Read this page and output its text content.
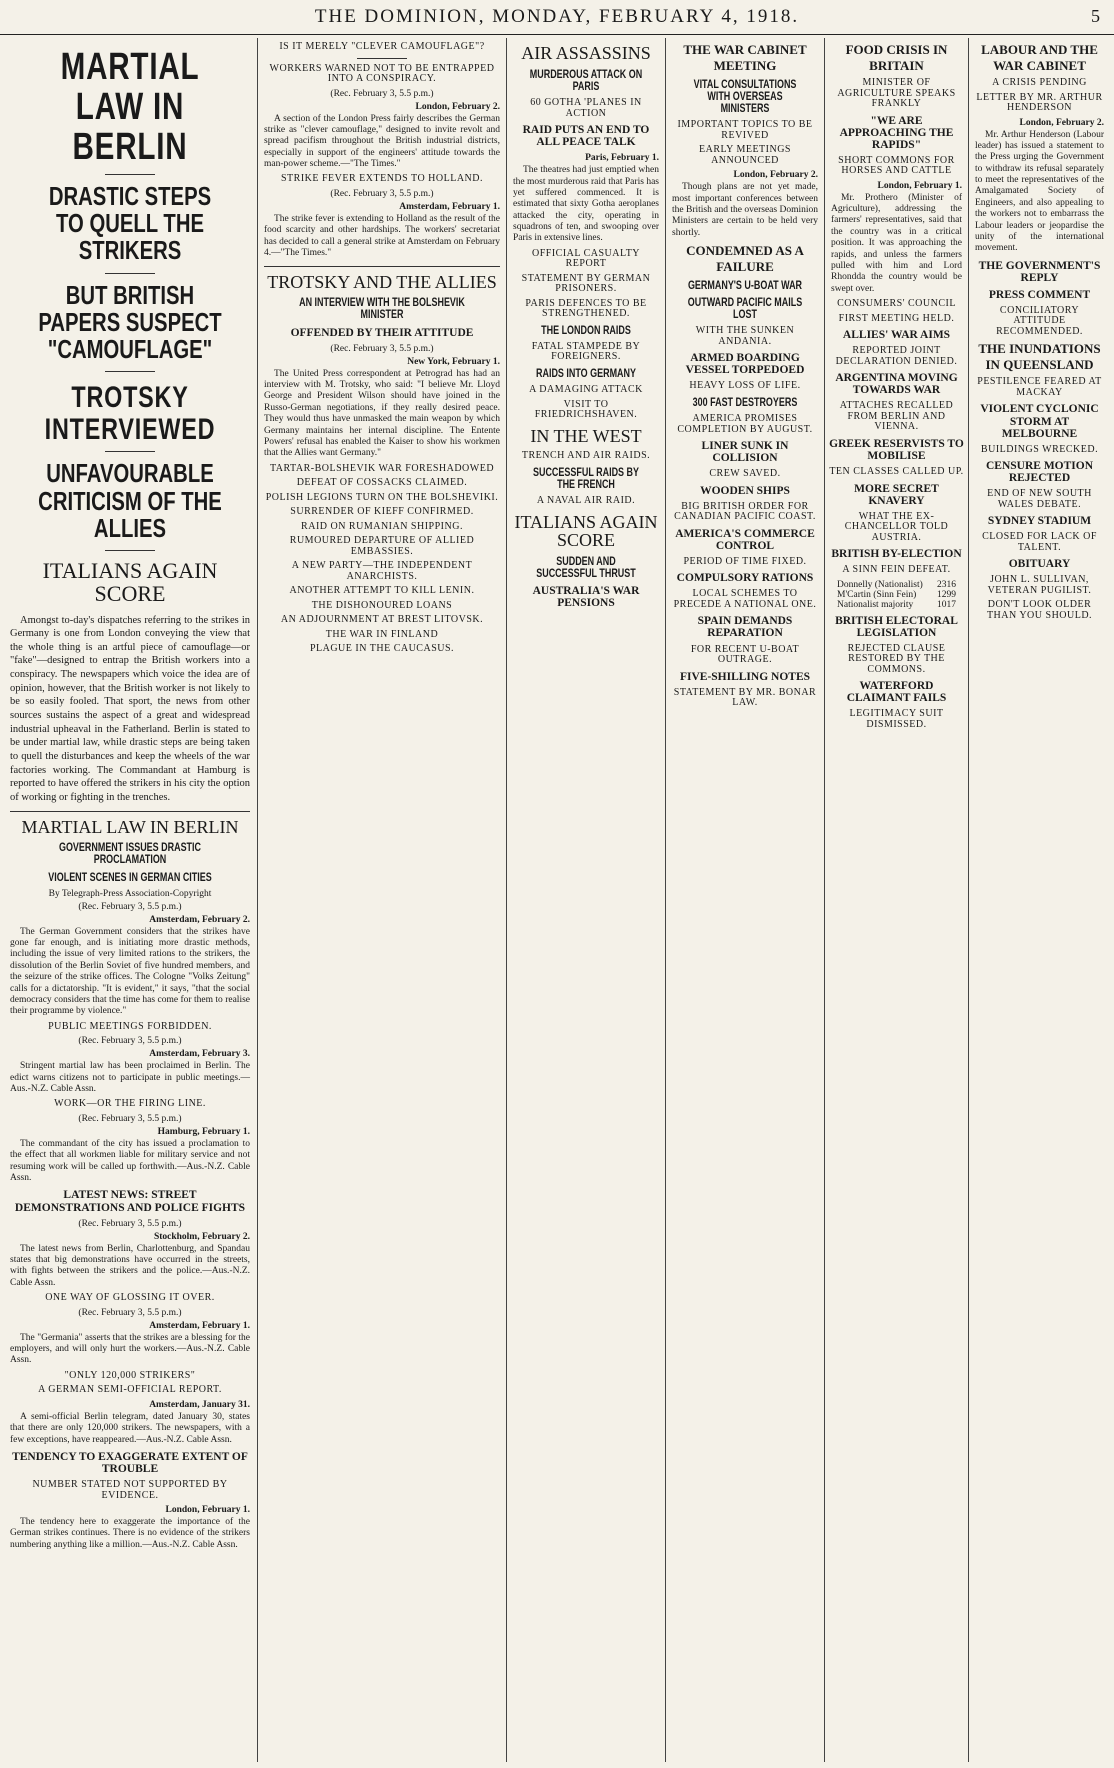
THE DOMINION, MONDAY, FEBRUARY 4, 1918.	5
MARTIAL LAW IN BERLIN
DRASTIC STEPS TO QUELL THE STRIKERS
BUT BRITISH PAPERS SUSPECT "CAMOUFLAGE"
TROTSKY INTERVIEWED
UNFAVOURABLE CRITICISM OF THE ALLIES
ITALIANS AGAIN SCORE
Amongst to-day's dispatches referring to the strikes in Germany is one from London conveying the view that the whole thing is an artful piece of camouflage—or "fake"—designed to entrap the British workers into a conspiracy. The newspapers which voice the idea are of opinion, however, that the British worker is not likely to be so easily fooled. That sport, the news from other sources sustains the aspect of a great and widespread industrial upheaval in the Fatherland. Berlin is stated to be under martial law, while drastic steps are being taken to quell the disturbances and keep the wheels of the war factories working. The Commandant at Hamburg is reported to have offered the strikers in his city the option of working or fighting in the trenches.
MARTIAL LAW IN BERLIN
GOVERNMENT ISSUES DRASTIC PROCLAMATION
VIOLENT SCENES IN GERMAN CITIES
By Telegraph-Press Association-Copyright
(Rec. February 3, 5.5 p.m.)
Amsterdam, February 2.
The German Government considers that the strikes have gone far enough, and is initiating more drastic methods, including the issue of very limited rations to the strikers, the dissolution of the Berlin Soviet of five hundred members, and the seizure of the strike offices. The Cologne "Volks Zeitung" calls for a dictatorship. "It is evident," it says, "that the social democracy considers that the time has come for them to realise their programme by violence."
PUBLIC MEETINGS FORBIDDEN.
(Rec. February 3, 5.5 p.m.)
Amsterdam, February 3.
Stringent martial law has been proclaimed in Berlin. The edict warns citizens not to participate in public meetings.—Aus.-N.Z. Cable Assn.
WORK—OR THE FIRING LINE.
(Rec. February 3, 5.5 p.m.)
Hamburg, February 1.
The commandant of the city has issued a proclamation to the effect that all workmen liable for military service and not resuming work will be called up forthwith.—Aus.-N.Z. Cable Assn.
LATEST NEWS: STREET DEMONSTRATIONS AND POLICE FIGHTS
(Rec. February 3, 5.5 p.m.)
Stockholm, February 2.
The latest news from Berlin, Charlottenburg, and Spandau states that big demonstrations have occurred in the streets, with fights between the strikers and the police.—Aus.-N.Z. Cable Assn.
ONE WAY OF GLOSSING IT OVER.
(Rec. February 3, 5.5 p.m.)
Amsterdam, February 1.
The "Germania" asserts that the strikes are a blessing for the employers, and will only hurt the workers.—Aus.-N.Z. Cable Assn.
"ONLY 120,000 STRIKERS"
A GERMAN SEMI-OFFICIAL REPORT.
Amsterdam, January 31.
A semi-official Berlin telegram, dated January 30, states that there are only 120,000 strikers. The newspapers, with a few exceptions, have reappeared.—Aus.-N.Z. Cable Assn.
TENDENCY TO EXAGGERATE EXTENT OF TROUBLE
NUMBER STATED NOT SUPPORTED BY EVIDENCE.
London, February 1.
The tendency here to exaggerate the importance of the German strikes continues. There is no evidence of the strikers numbering anything like a million.—Aus.-N.Z. Cable Assn.
IS IT MERELY "CLEVER CAMOUFLAGE"?
WORKERS WARNED NOT TO BE ENTRAPPED INTO A CONSPIRACY.
(Rec. February 3, 5.5 p.m.)
London, February 2.
A section of the London Press fairly describes the German strike as "clever camouflage," designed to invite revolt and spread pacifism throughout the British industrial districts, especially in support of the engineers' attitude towards the man-power scheme.—"The Times."
STRIKE FEVER EXTENDS TO HOLLAND.
(Rec. February 3, 5.5 p.m.)
Amsterdam, February 1.
The strike fever is extending to Holland as the result of the food scarcity and other hardships. The workers' secretariat has decided to call a general strike at Amsterdam on February 4.—"The Times."
TROTSKY AND THE ALLIES
AN INTERVIEW WITH THE BOLSHEVIK MINISTER
OFFENDED BY THEIR ATTITUDE
(Rec. February 3, 5.5 p.m.)
New York, February 1.
The United Press correspondent at Petrograd has had an interview with M. Trotsky, who said: "I believe Mr. Lloyd George and President Wilson should have joined in the Russo-German negotiations, if they really desired peace. They would thus have unmasked the main weapon by which Germany maintains her internal discipline. The Entente Powers' refusal has enabled the Kaiser to show his workmen that the Allies want Germany."
TARTAR-BOLSHEVIK WAR FORESHADOWED
DEFEAT OF COSSACKS CLAIMED.
POLISH LEGIONS TURN ON THE BOLSHEVIKI.
SURRENDER OF KIEFF CONFIRMED.
RAID ON RUMANIAN SHIPPING.
RUMOURED DEPARTURE OF ALLIED EMBASSIES.
A NEW PARTY—THE INDEPENDENT ANARCHISTS.
ANOTHER ATTEMPT TO KILL LENIN.
THE DISHONOURED LOANS
AN ADJOURNMENT AT BREST LITOVSK.
THE WAR IN FINLAND
PLAGUE IN THE CAUCASUS.
AIR ASSASSINS
MURDEROUS ATTACK ON PARIS
60 GOTHA 'PLANES IN ACTION
RAID PUTS AN END TO ALL PEACE TALK
Paris, February 1.
The theatres had just emptied when the most murderous raid that Paris has yet suffered commenced. It is estimated that sixty Gotha aeroplanes attacked the city, operating in squadrons of ten, and swooping over Paris in extensive lines.
OFFICIAL CASUALTY REPORT
STATEMENT BY GERMAN PRISONERS.
PARIS DEFENCES TO BE STRENGTHENED.
THE LONDON RAIDS
FATAL STAMPEDE BY FOREIGNERS.
RAIDS INTO GERMANY
A DAMAGING ATTACK
VISIT TO FRIEDRICHSHAVEN.
IN THE WEST
TRENCH AND AIR RAIDS.
SUCCESSFUL RAIDS BY THE FRENCH
A NAVAL AIR RAID.
ITALIANS AGAIN SCORE
SUDDEN AND SUCCESSFUL THRUST
AUSTRALIA'S WAR PENSIONS
THE WAR CABINET MEETING
VITAL CONSULTATIONS WITH OVERSEAS MINISTERS
IMPORTANT TOPICS TO BE REVIVED
EARLY MEETINGS ANNOUNCED
London, February 2.
Though plans are not yet made, most important conferences between the British and the overseas Dominion Ministers are certain to be held very shortly.
CONDEMNED AS A FAILURE
GERMANY'S U-BOAT WAR
OUTWARD PACIFIC MAILS LOST
WITH THE SUNKEN ANDANIA.
ARMED BOARDING VESSEL TORPEDOED
HEAVY LOSS OF LIFE.
300 FAST DESTROYERS
AMERICA PROMISES COMPLETION BY AUGUST.
LINER SUNK IN COLLISION
CREW SAVED.
WOODEN SHIPS
BIG BRITISH ORDER FOR CANADIAN PACIFIC COAST.
AMERICA'S COMMERCE CONTROL
PERIOD OF TIME FIXED.
COMPULSORY RATIONS
LOCAL SCHEMES TO PRECEDE A NATIONAL ONE.
SPAIN DEMANDS REPARATION
FOR RECENT U-BOAT OUTRAGE.
FIVE-SHILLING NOTES
STATEMENT BY MR. BONAR LAW.
FOOD CRISIS IN BRITAIN
MINISTER OF AGRICULTURE SPEAKS FRANKLY
"WE ARE APPROACHING THE RAPIDS"
SHORT COMMONS FOR HORSES AND CATTLE
London, February 1.
Mr. Prothero (Minister of Agriculture), addressing the farmers' representatives, said that the country was in a critical position. It was approaching the rapids, and unless the farmers pulled with him and Lord Rhondda the country would be swept over.
CONSUMERS' COUNCIL
FIRST MEETING HELD.
ALLIES' WAR AIMS
REPORTED JOINT DECLARATION DENIED.
ARGENTINA MOVING TOWARDS WAR
ATTACHES RECALLED FROM BERLIN AND VIENNA.
GREEK RESERVISTS TO MOBILISE
TEN CLASSES CALLED UP.
MORE SECRET KNAVERY
WHAT THE EX-CHANCELLOR TOLD AUSTRIA.
BRITISH BY-ELECTION
A SINN FEIN DEFEAT.
Donnelly (Nationalist) 2316
M'Cartin (Sinn Fein) 1299
Nationalist majority 1017
BRITISH ELECTORAL LEGISLATION
REJECTED CLAUSE RESTORED BY THE COMMONS.
WATERFORD CLAIMANT FAILS
LEGITIMACY SUIT DISMISSED.
LABOUR AND THE WAR CABINET
A CRISIS PENDING
LETTER BY MR. ARTHUR HENDERSON
London, February 2.
Mr. Arthur Henderson (Labour leader) has issued a statement to the Press urging the Government to withdraw its refusal separately to meet the representatives of the Amalgamated Society of Engineers, and also appealing to the workers not to embarrass the Labour leaders or jeopardise the unity of the international movement.
THE GOVERNMENT'S REPLY
PRESS COMMENT
CONCILIATORY ATTITUDE RECOMMENDED.
THE INUNDATIONS IN QUEENSLAND
PESTILENCE FEARED AT MACKAY
VIOLENT CYCLONIC STORM AT MELBOURNE
BUILDINGS WRECKED.
CENSURE MOTION REJECTED
END OF NEW SOUTH WALES DEBATE.
SYDNEY STADIUM
CLOSED FOR LACK OF TALENT.
OBITUARY
JOHN L. SULLIVAN, VETERAN PUGILIST.
DON'T LOOK OLDER THAN YOU SHOULD.
